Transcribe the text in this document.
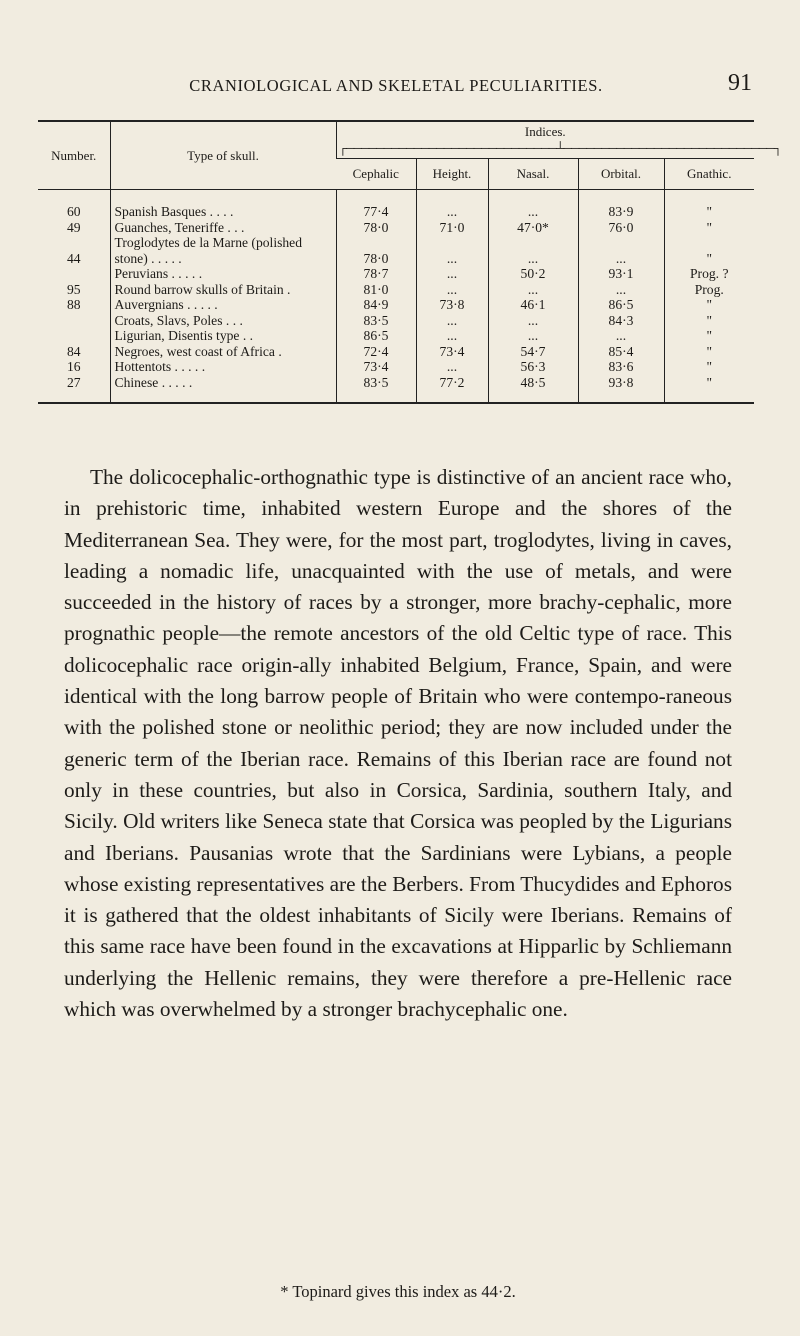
CRANIOLOGICAL AND SKELETAL PECULIARITIES.	91
Number.	Type of skull.	Indices.
┌────────────────────────────┴────────────────────────────┐				
		Cephalic	Height.	Nasal.	Orbital.	Gnathic.
60	Spanish Basques . . . .	77·4	...	...	83·9	"
49	Guanches, Teneriffe . . .	78·0	71·0	47·0*	76·0	"
44	Troglodytes de la Marne (polished stone) . . . . .	78·0	...	...	...	"
	Peruvians . . . . .	78·7	...	50·2	93·1	Prog. ?
95	Round barrow skulls of Britain .	81·0	...	...	...	Prog.
88	Auvergnians . . . . .	84·9	73·8	46·1	86·5	"
	Croats, Slavs, Poles . . .	83·5	...	...	84·3	"
	Ligurian, Disentis type . .	86·5	...	...	...	"
84	Negroes, west coast of Africa .	72·4	73·4	54·7	85·4	"
16	Hottentots . . . . .	73·4	...	56·3	83·6	"
27	Chinese . . . . .	83·5	77·2	48·5	93·8	"

The dolicocephalic-orthognathic type is distinctive of an ancient race who, in prehistoric time, inhabited western Europe and the shores of the Mediterranean Sea. They were, for the most part, troglodytes, living in caves, leading a nomadic life, unacquainted with the use of metals, and were succeeded in the history of races by a stronger, more brachy-cephalic, more prognathic people—the remote ancestors of the old Celtic type of race. This dolicocephalic race origin-ally inhabited Belgium, France, Spain, and were identical with the long barrow people of Britain who were contempo-raneous with the polished stone or neolithic period; they are now included under the generic term of the Iberian race. Remains of this Iberian race are found not only in these countries, but also in Corsica, Sardinia, southern Italy, and Sicily. Old writers like Seneca state that Corsica was peopled by the Ligurians and Iberians. Pausanias wrote that the Sardinians were Lybians, a people whose existing representatives are the Berbers. From Thucydides and Ephoros it is gathered that the oldest inhabitants of Sicily were Iberians. Remains of this same race have been found in the excavations at Hipparlic by Schliemann underlying the Hellenic remains, they were therefore a pre-Hellenic race which was overwhelmed by a stronger brachycephalic one.

* Topinard gives this index as 44·2.
